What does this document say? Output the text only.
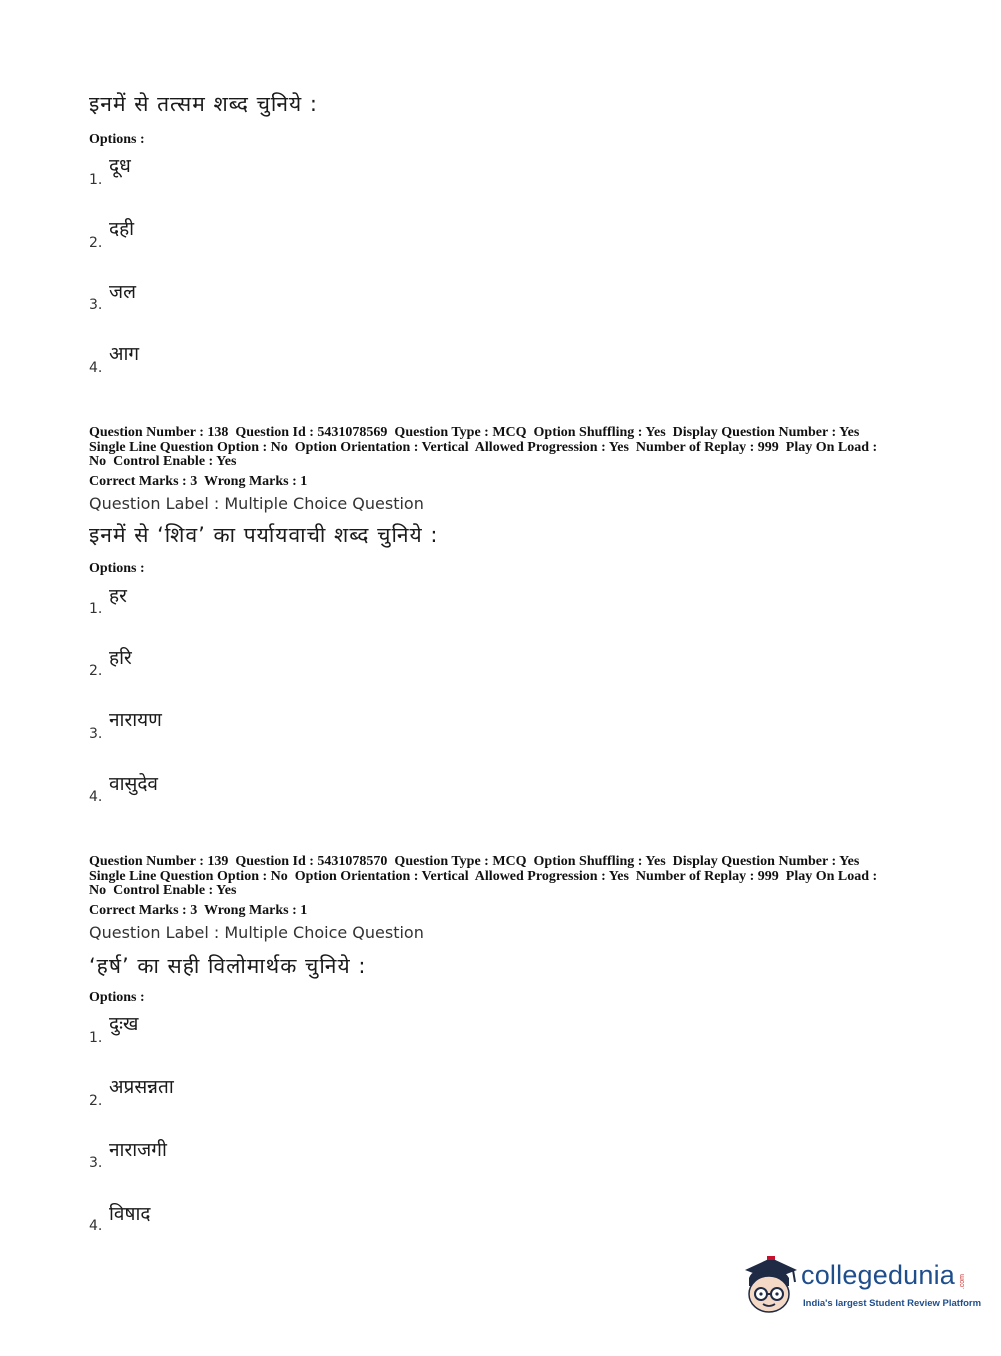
इनमें से तत्सम शब्द चुनिये :
Options :
दूध
1.
दही
2.
जल
3.
आग
4.
Question Number : 138  Question Id : 5431078569  Question Type : MCQ  Option Shuffling : Yes  Display Question Number : Yes
Single Line Question Option : No  Option Orientation : Vertical  Allowed Progression : Yes  Number of Replay : 999  Play On Load :
No  Control Enable : Yes
Correct Marks : 3  Wrong Marks : 1
Question Label : Multiple Choice Question
इनमें से ‘शिव’ का पर्यायवाची शब्द चुनिये :
Options :
हर
1.
हरि
2.
नारायण
3.
वासुदेव
4.
Question Number : 139  Question Id : 5431078570  Question Type : MCQ  Option Shuffling : Yes  Display Question Number : Yes
Single Line Question Option : No  Option Orientation : Vertical  Allowed Progression : Yes  Number of Replay : 999  Play On Load :
No  Control Enable : Yes
Correct Marks : 3  Wrong Marks : 1
Question Label : Multiple Choice Question
‘हर्ष’ का सही विलोमार्थक चुनिये :
Options :
दुःख
1.
अप्रसन्नता
2.
नाराजगी
3.
विषाद
4.
collegedunia .com
India's largest Student Review Platform
